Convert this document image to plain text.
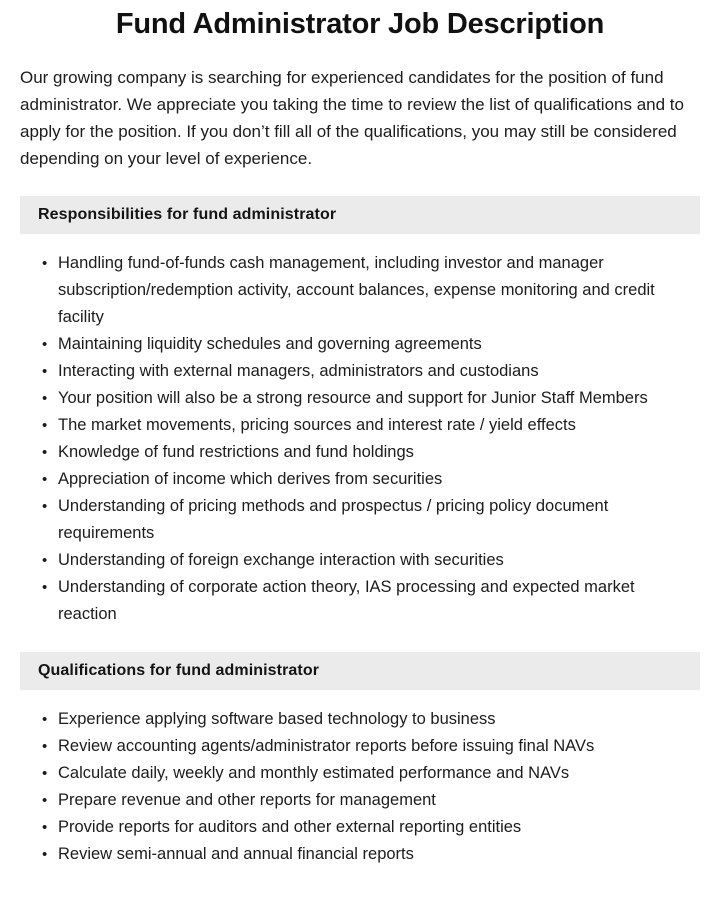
Fund Administrator Job Description

Our growing company is searching for experienced candidates for the position of fund administrator. We appreciate you taking the time to review the list of qualifications and to apply for the position. If you don’t fill all of the qualifications, you may still be considered depending on your level of experience.

Responsibilities for fund administrator
• Handling fund-of-funds cash management, including investor and manager subscription/redemption activity, account balances, expense monitoring and credit facility
• Maintaining liquidity schedules and governing agreements
• Interacting with external managers, administrators and custodians
• Your position will also be a strong resource and support for Junior Staff Members
• The market movements, pricing sources and interest rate / yield effects
• Knowledge of fund restrictions and fund holdings
• Appreciation of income which derives from securities
• Understanding of pricing methods and prospectus / pricing policy document requirements
• Understanding of foreign exchange interaction with securities
• Understanding of corporate action theory, IAS processing and expected market reaction
Qualifications for fund administrator
• Experience applying software based technology to business
• Review accounting agents/administrator reports before issuing final NAVs
• Calculate daily, weekly and monthly estimated performance and NAVs
• Prepare revenue and other reports for management
• Provide reports for auditors and other external reporting entities
• Review semi-annual and annual financial reports
